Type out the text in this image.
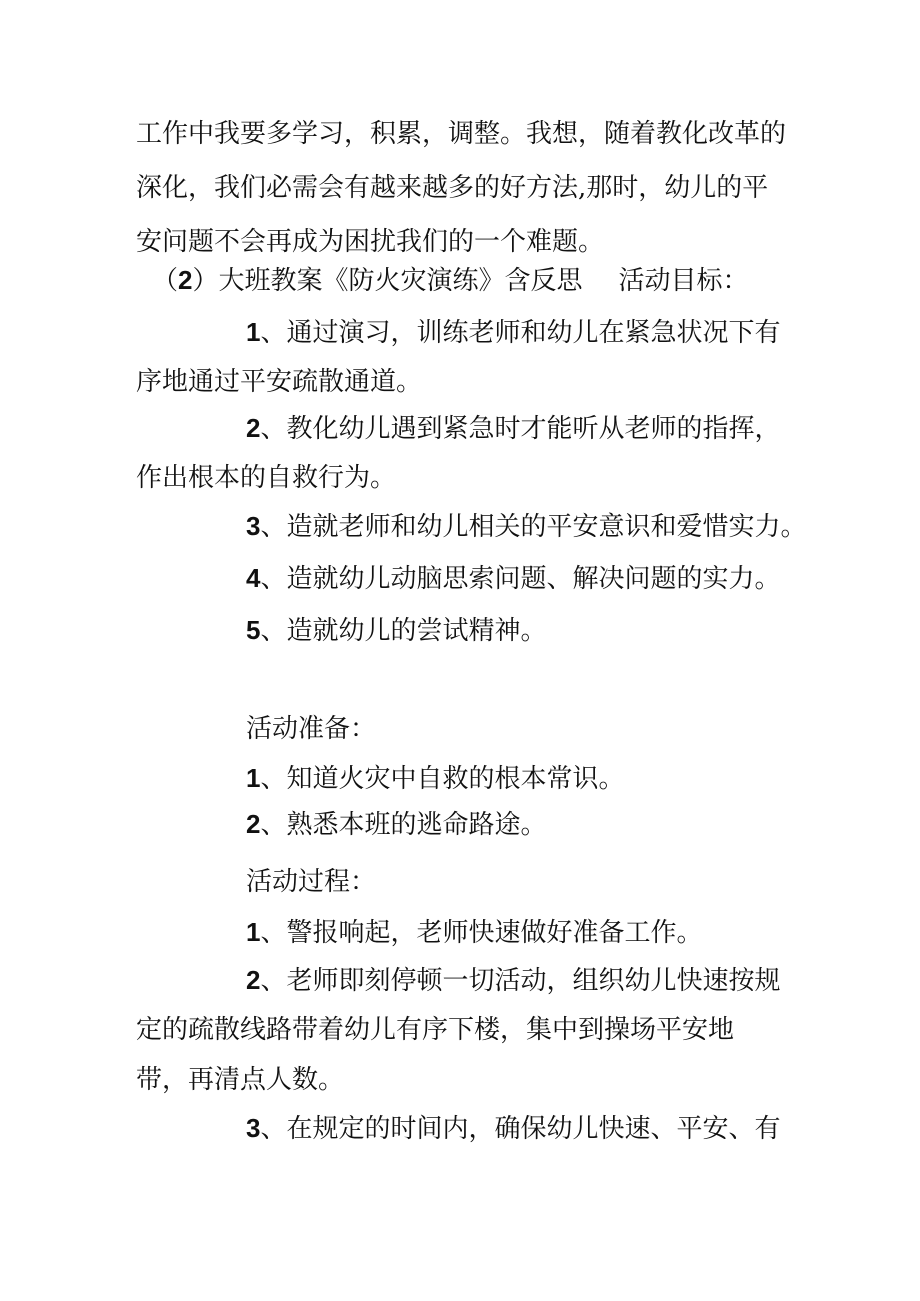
工作中我要多学习，积累，调整。我想，随着教化改革的
深化，我们必需会有越来越多的好方法,那时，幼儿的平
安问题不会再成为困扰我们的一个难题。
（2）大班教案《防火灾演练》含反思 活动目标：
1、通过演习，训练老师和幼儿在紧急状况下有
序地通过平安疏散通道。
2、教化幼儿遇到紧急时才能听从老师的指挥，
作出根本的自救行为。
3、造就老师和幼儿相关的平安意识和爱惜实力。
4、造就幼儿动脑思索问题、解决问题的实力。
5、造就幼儿的尝试精神。
活动准备：
1、知道火灾中自救的根本常识。
2、熟悉本班的逃命路途。
活动过程：
1、警报响起，老师快速做好准备工作。
2、老师即刻停顿一切活动，组织幼儿快速按规
定的疏散线路带着幼儿有序下楼，集中到操场平安地
带，再清点人数。
3、在规定的时间内，确保幼儿快速、平安、有
